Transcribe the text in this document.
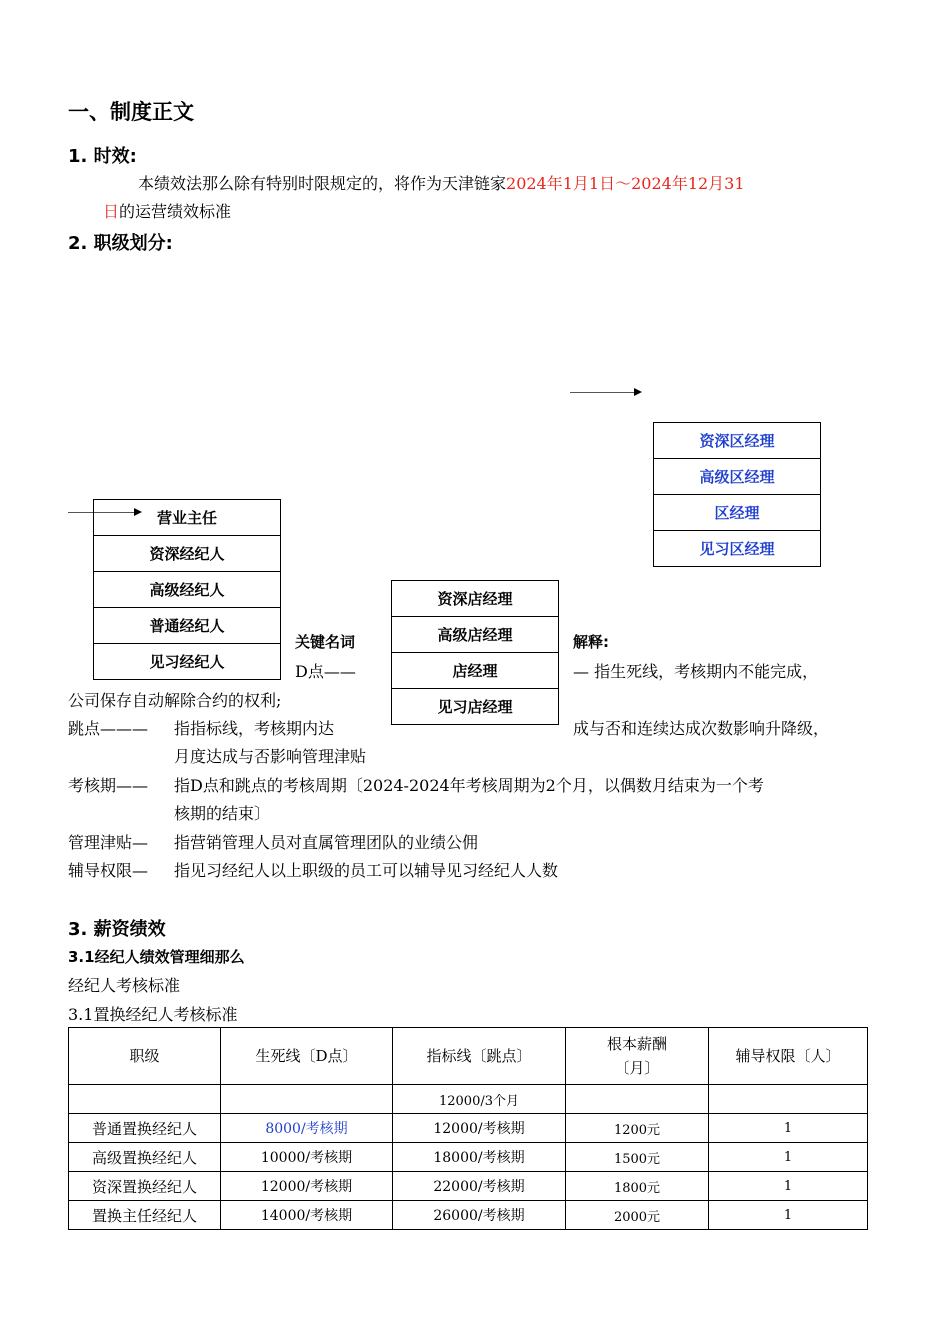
一、制度正文
1. 时效:
本绩效法那么除有特别时限规定的，将作为天津链家2024年1月1日～2024年12月31
日的运营绩效标准
2. 职级划分:
资深区经理
高级区经理
区经理
见习区经理
营业主任
资深经纪人
高级经纪人
普通经纪人
见习经纪人
资深店经理
高级店经理
店经理
见习店经理
关键名词	解释:
D点——	— 指生死线，考核期内不能完成，
公司保存自动解除合约的权利;
跳点——— 指指标线，考核期内达	成与否和连续达成次数影响升降级，
月度达成与否影响管理津贴
考核期—— 指D点和跳点的考核周期〔2024-2024年考核周期为2个月，以偶数月结束为一个考
核期的结束〕
管理津贴— 指营销管理人员对直属管理团队的业绩公佣
辅导权限— 指见习经纪人以上职级的员工可以辅导见习经纪人人数
3. 薪资绩效
3.1经纪人绩效管理细那么
经纪人考核标准
3.1置换经纪人考核标准
职级	生死线〔D点〕	指标线〔跳点〕	根本薪酬〔月〕	辅导权限〔人〕
		12000/3个月		
普通置换经纪人	8000/考核期	12000/考核期	1200元	1
高级置换经纪人	10000/考核期	18000/考核期	1500元	1
资深置换经纪人	12000/考核期	22000/考核期	1800元	1
置换主任经纪人	14000/考核期	26000/考核期	2000元	1
